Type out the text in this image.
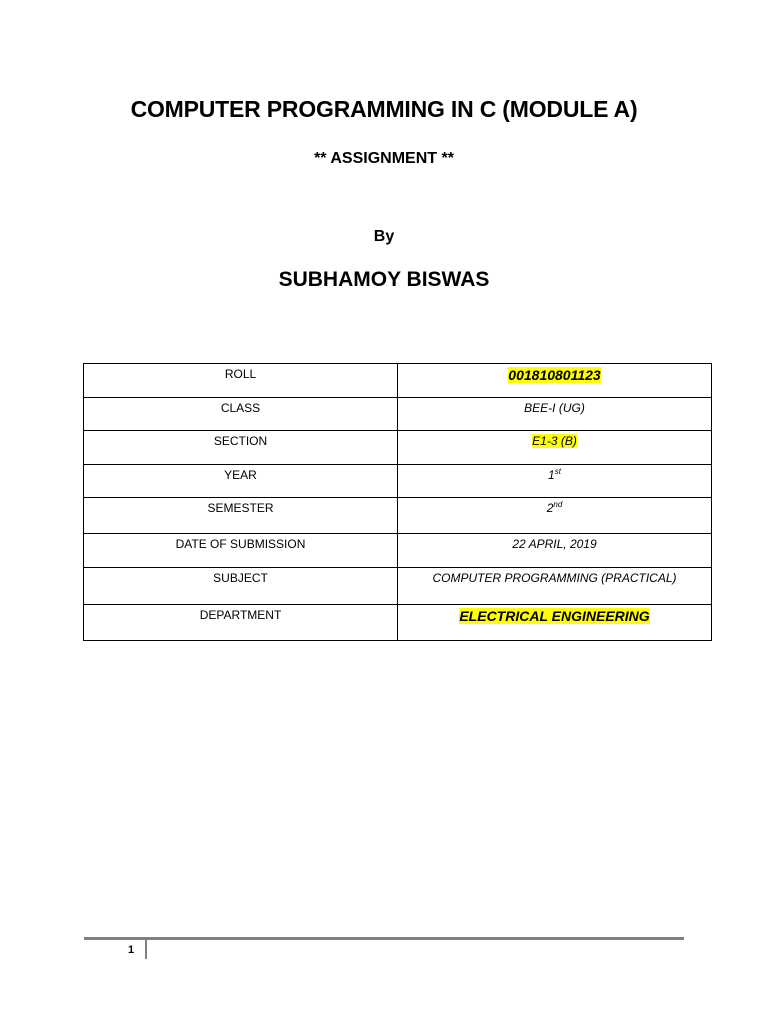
COMPUTER PROGRAMMING IN C (MODULE A)
** ASSIGNMENT **
By
SUBHAMOY BISWAS
ROLL	001810801123
CLASS	BEE-I (UG)
SECTION	E1-3 (B)
YEAR	1st
SEMESTER	2nd
DATE OF SUBMISSION	22 APRIL, 2019
SUBJECT	COMPUTER PROGRAMMING (PRACTICAL)
DEPARTMENT	ELECTRICAL ENGINEERING
1
